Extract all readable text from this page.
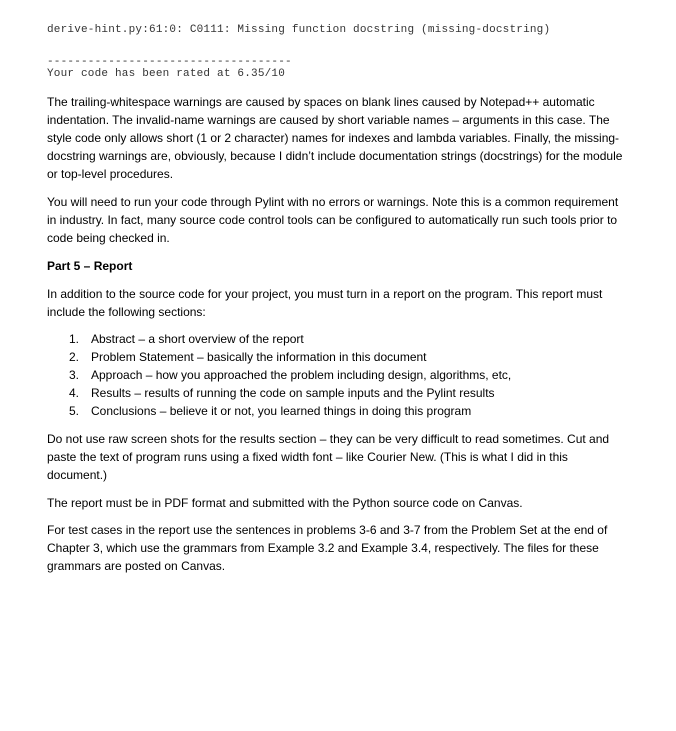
derive-hint.py:61:0: C0111: Missing function docstring (missing-docstring)
------------------------------------
Your code has been rated at 6.35/10

The trailing-whitespace warnings are caused by spaces on blank lines caused by Notepad++ automatic indentation. The invalid-name warnings are caused by short variable names – arguments in this case. The style code only allows short (1 or 2 character) names for indexes and lambda variables. Finally, the missing-docstring warnings are, obviously, because I didn’t include documentation strings (docstrings) for the module or top-level procedures.

You will need to run your code through Pylint with no errors or warnings. Note this is a common requirement in industry. In fact, many source code control tools can be configured to automatically run such tools prior to code being checked in.

Part 5 – Report

In addition to the source code for your project, you must turn in a report on the program. This report must include the following sections:

1. Abstract – a short overview of the report
2. Problem Statement – basically the information in this document
3. Approach – how you approached the problem including design, algorithms, etc,
4. Results – results of running the code on sample inputs and the Pylint results
5. Conclusions – believe it or not, you learned things in doing this program

Do not use raw screen shots for the results section – they can be very difficult to read sometimes. Cut and paste the text of program runs using a fixed width font – like Courier New. (This is what I did in this document.)

The report must be in PDF format and submitted with the Python source code on Canvas.

For test cases in the report use the sentences in problems 3-6 and 3-7 from the Problem Set at the end of Chapter 3, which use the grammars from Example 3.2 and Example 3.4, respectively. The files for these grammars are posted on Canvas.
